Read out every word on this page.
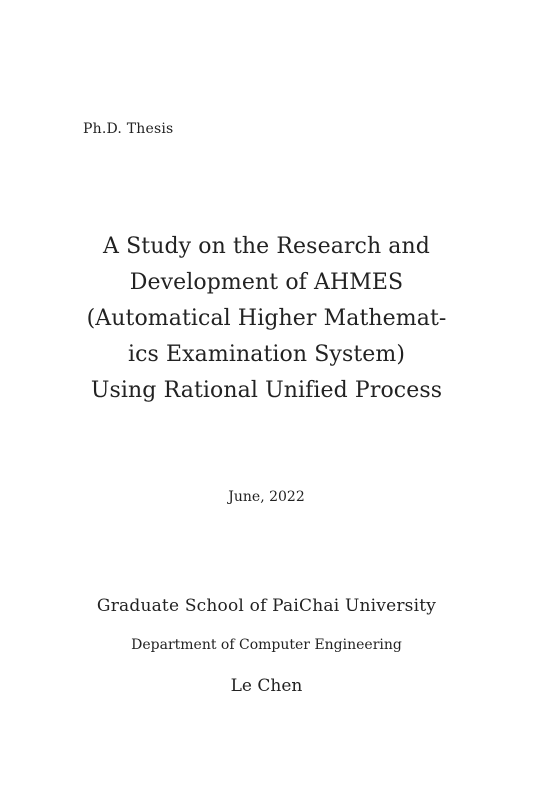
Ph.D. Thesis
A Study on the Research and
Development of AHMES
(Automatical Higher Mathemat-
ics Examination System)
Using Rational Unified Process
June, 2022
Graduate School of PaiChai University
Department of Computer Engineering
Le Chen
